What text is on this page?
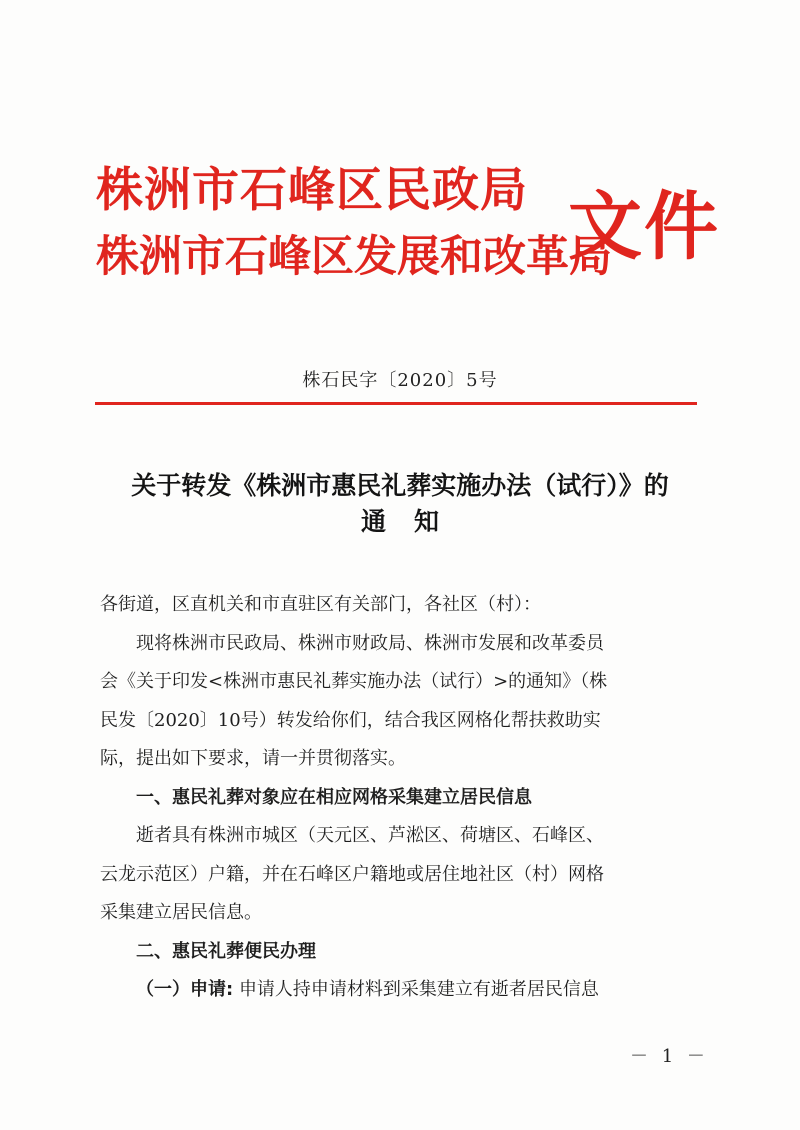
株洲市石峰区民政局
株洲市石峰区发展和改革局
文件
株石民字〔2020〕5号
关于转发《株洲市惠民礼葬实施办法（试行）》的
通知

各街道，区直机关和市直驻区有关部门，各社区（村）：

现将株洲市民政局、株洲市财政局、株洲市发展和改革委员

会《关于印发<株洲市惠民礼葬实施办法（试行）>的通知》（株

民发〔2020〕10号）转发给你们，结合我区网格化帮扶救助实

际，提出如下要求，请一并贯彻落实。

一、惠民礼葬对象应在相应网格采集建立居民信息

逝者具有株洲市城区（天元区、芦淞区、荷塘区、石峰区、

云龙示范区）户籍，并在石峰区户籍地或居住地社区（村）网格

采集建立居民信息。

二、惠民礼葬便民办理

（一）申请: 申请人持申请材料到采集建立有逝者居民信息

－ 1 －
